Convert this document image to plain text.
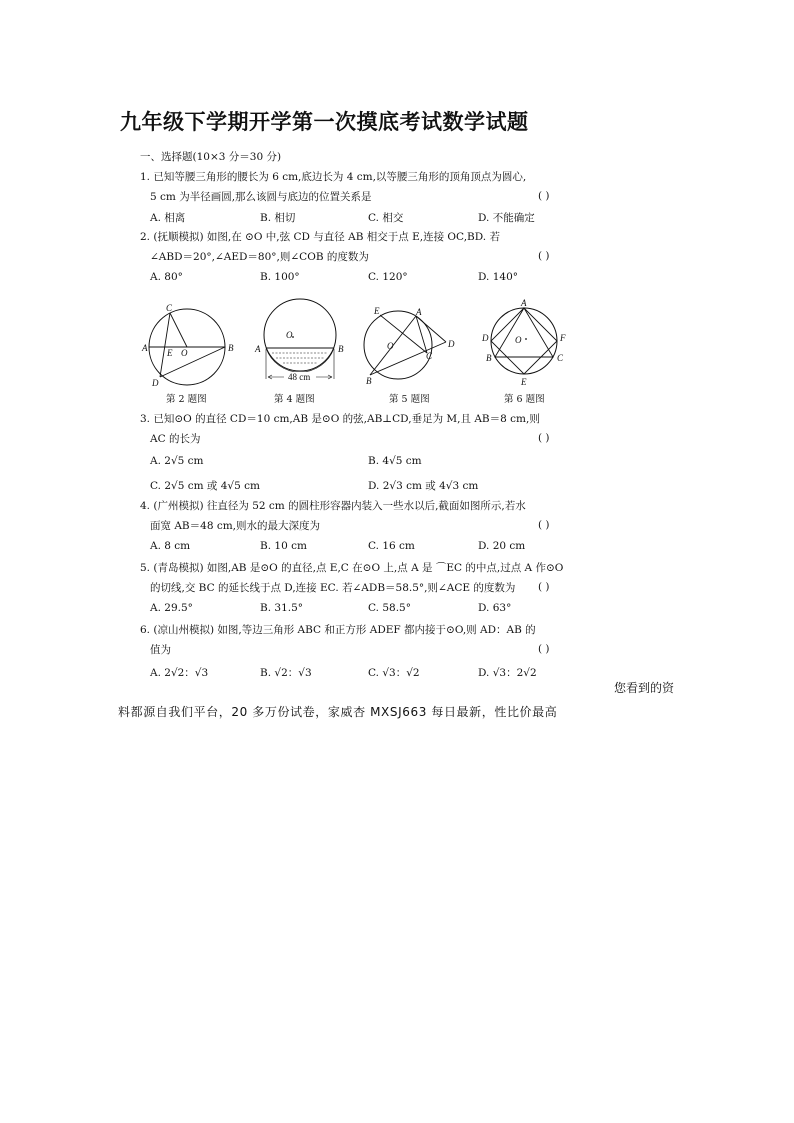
九年级下学期开学第一次摸底考试数学试题
一、选择题(10×3 分＝30 分)
1. 已知等腰三角形的腰长为 6 cm,底边长为 4 cm,以等腰三角形的顶角顶点为圆心,
5 cm 为半径画圆,那么该圆与底边的位置关系是	( )
A. 相离	B. 相切	C. 相交	D. 不能确定
2. (抚顺模拟) 如图,在 ⊙O 中,弦 CD 与直径 AB 相交于点 E,连接 OC,BD. 若
∠ABD＝20°,∠AED＝80°,则∠COB 的度数为	( )
A. 80°	B. 100°	C. 120°	D. 140°
C
A	B
E O
D
第 2 题图
O
A	B
48 cm
第 4 题图
E	A
O
C
D
B
第 5 题图
A
D	F
B	C
E
O
第 6 题图
3. 已知⊙O 的直径 CD＝10 cm,AB 是⊙O 的弦,AB⊥CD,垂足为 M,且 AB＝8 cm,则
AC 的长为	( )
A. 2√5 cm	B. 4√5 cm
C. 2√5 cm 或 4√5 cm	D. 2√3 cm 或 4√3 cm
4. (广州模拟) 往直径为 52 cm 的圆柱形容器内装入一些水以后,截面如图所示,若水
面宽 AB＝48 cm,则水的最大深度为	( )
A. 8 cm	B. 10 cm	C. 16 cm	D. 20 cm
5. (青岛模拟) 如图,AB 是⊙O 的直径,点 E,C 在⊙O 上,点 A 是 ⌒EC 的中点,过点 A 作⊙O
的切线,交 BC 的延长线于点 D,连接 EC. 若∠ADB＝58.5°,则∠ACE 的度数为 ( )
A. 29.5°	B. 31.5°	C. 58.5°	D. 63°
6. (凉山州模拟) 如图,等边三角形 ABC 和正方形 ADEF 都内接于⊙O,则 AD：AB 的
值为	( )
A. 2√2：√3	B. √2：√3	C. √3：√2	D. √3：2√2
您看到的资
料都源自我们平台，20 多万份试卷，家威杏 MXSJ663 每日最新，性比价最高
